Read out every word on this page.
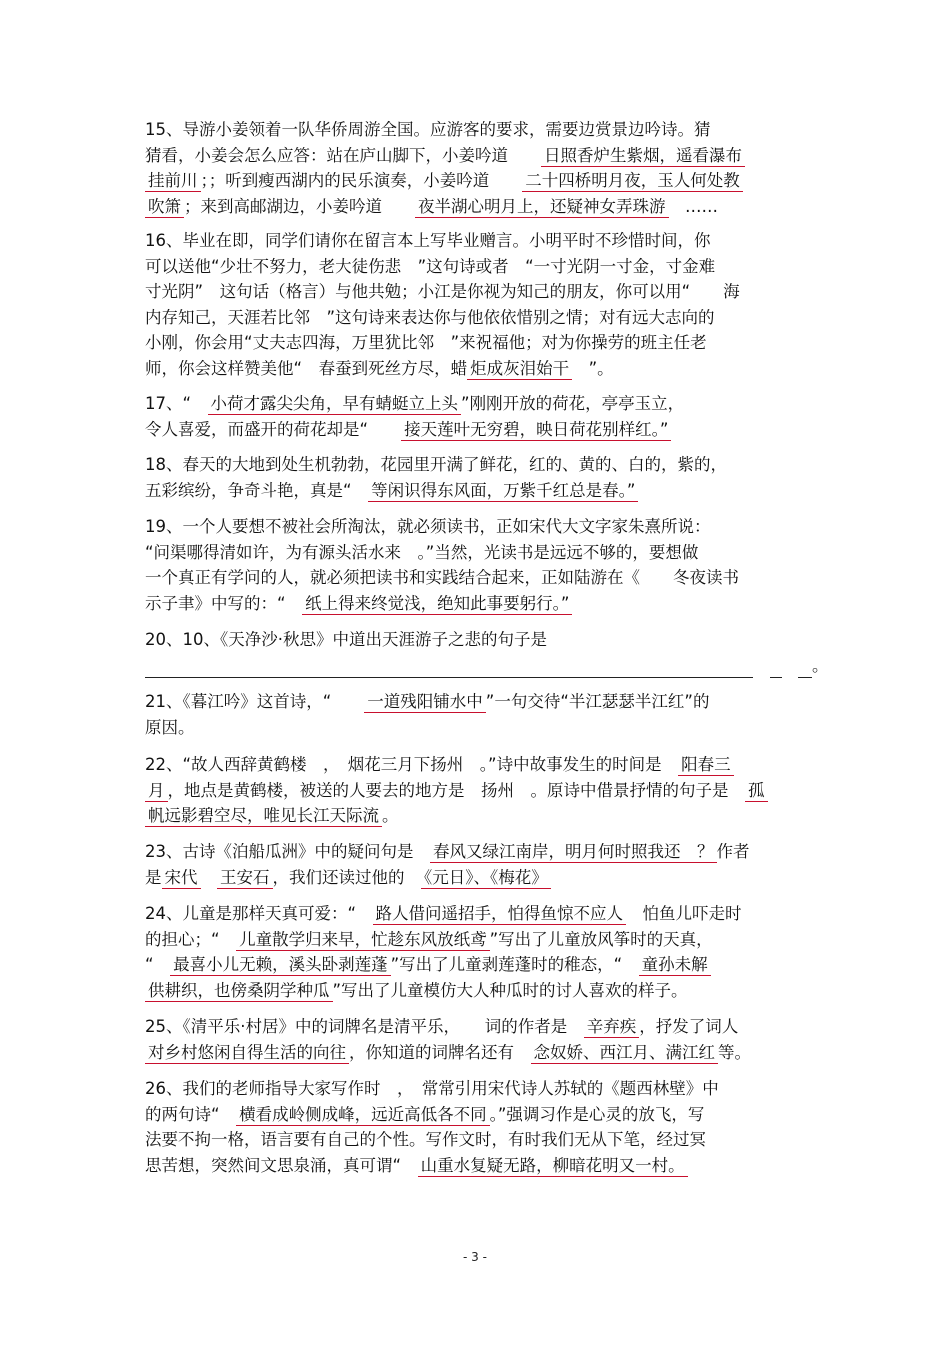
15、导游小姜领着一队华侨周游全国。应游客的要求，需要边赏景边吟诗。猜

猜看，小姜会怎么应答：站在庐山脚下，小姜吟道　　 日照香炉生紫烟，遥看瀑布

挂前川 ；；听到瘦西湖内的民乐演奏，小姜吟道　　 二十四桥明月夜，玉人何处教

吹箫 ；来到高邮湖边，小姜吟道　　 夜半湖心明月上，还疑神女弄珠游　 ……

16、毕业在即，同学们请你在留言本上写毕业赠言。小明平时不珍惜时间，你

可以送他“少壮不努力，老大徒伤悲　 ”这句诗或者　 “一寸光阴一寸金，寸金难

寸光阴”　 这句话（格言）与他共勉；小江是你视为知己的朋友，你可以用“　　 海

内存知己，天涯若比邻　 ”这句诗来表达你与他依依惜别之情；对有远大志向的

小刚，你会用“丈夫志四海，万里犹比邻　 ”来祝福他；对为你操劳的班主任老

师，你会这样赞美他“　 春蚕到死丝方尽，蜡 炬成灰泪始干　 ”。

17、“　 小荷才露尖尖角，早有蜻蜓立上头 ”刚刚开放的荷花，亭亭玉立，

令人喜爱，而盛开的荷花却是“　　 接天莲叶无穷碧，映日荷花别样红。”

18、春天的大地到处生机勃勃，花园里开满了鲜花，红的、黄的、白的，紫的，

五彩缤纷，争奇斗艳，真是“　 等闲识得东风面，万紫千红总是春。”

19、一个人要想不被社会所淘汰，就必须读书，正如宋代大文字家朱熹所说：

“问渠哪得清如许，为有源头活水来　。”当然，光读书是远远不够的，要想做

一个真正有学问的人，就必须把读书和实践结合起来，正如陆游在《　　 冬夜读书

示子聿》中写的：“　 纸上得来终觉浅，绝知此事要躬行。”

20、10、《天净沙·秋思》中道出天涯游子之悲的句子是

　　。

21、《暮江吟》这首诗，“　　 一道残阳铺水中 ”一句交待“半江瑟瑟半江红”的

原因。

22、“故人西辞黄鹤楼　，　烟花三月下扬州　。”诗中故事发生的时间是　 阳春三

月 ，地点是黄鹤楼，被送的人要去的地方是　扬州　。原诗中借景抒情的句子是　 孤

帆远影碧空尽，唯见长江天际流 。

23、古诗《泊船瓜洲》中的疑问句是　 春风又绿江南岸，明月何时照我还　？ 作者

是 宋代　 王安石 ，我们还读过他的　 《元日》、《梅花》

24、儿童是那样天真可爱：“　 路人借问遥招手，怕得鱼惊不应人　 怕鱼儿吓走时

的担心；“　 儿童散学归来早，忙趁东风放纸鸢 ”写出了儿童放风筝时的天真，

“　 最喜小儿无赖，溪头卧剥莲蓬 ”写出了儿童剥莲蓬时的稚态，“　 童孙未解

供耕织，也傍桑阴学种瓜 ”写出了儿童模仿大人种瓜时的讨人喜欢的样子。

25、《清平乐·村居》中的词牌名是清平乐，　　词的作者是　 辛弃疾 ，抒发了词人

对乡村悠闲自得生活的向往 ，你知道的词牌名还有　 念奴娇、西江月、满江红 等。

26、我们的老师指导大家写作时　，　常常引用宋代诗人苏轼的《题西林壁》中

的两句诗“　 横看成岭侧成峰，远近高低各不同 。”强调习作是心灵的放飞，写

法要不拘一格，语言要有自己的个性。写作文时，有时我们无从下笔，经过冥

思苦想，突然间文思泉涌，真可谓“　 山重水复疑无路，柳暗花明又一村。

- 3 -
